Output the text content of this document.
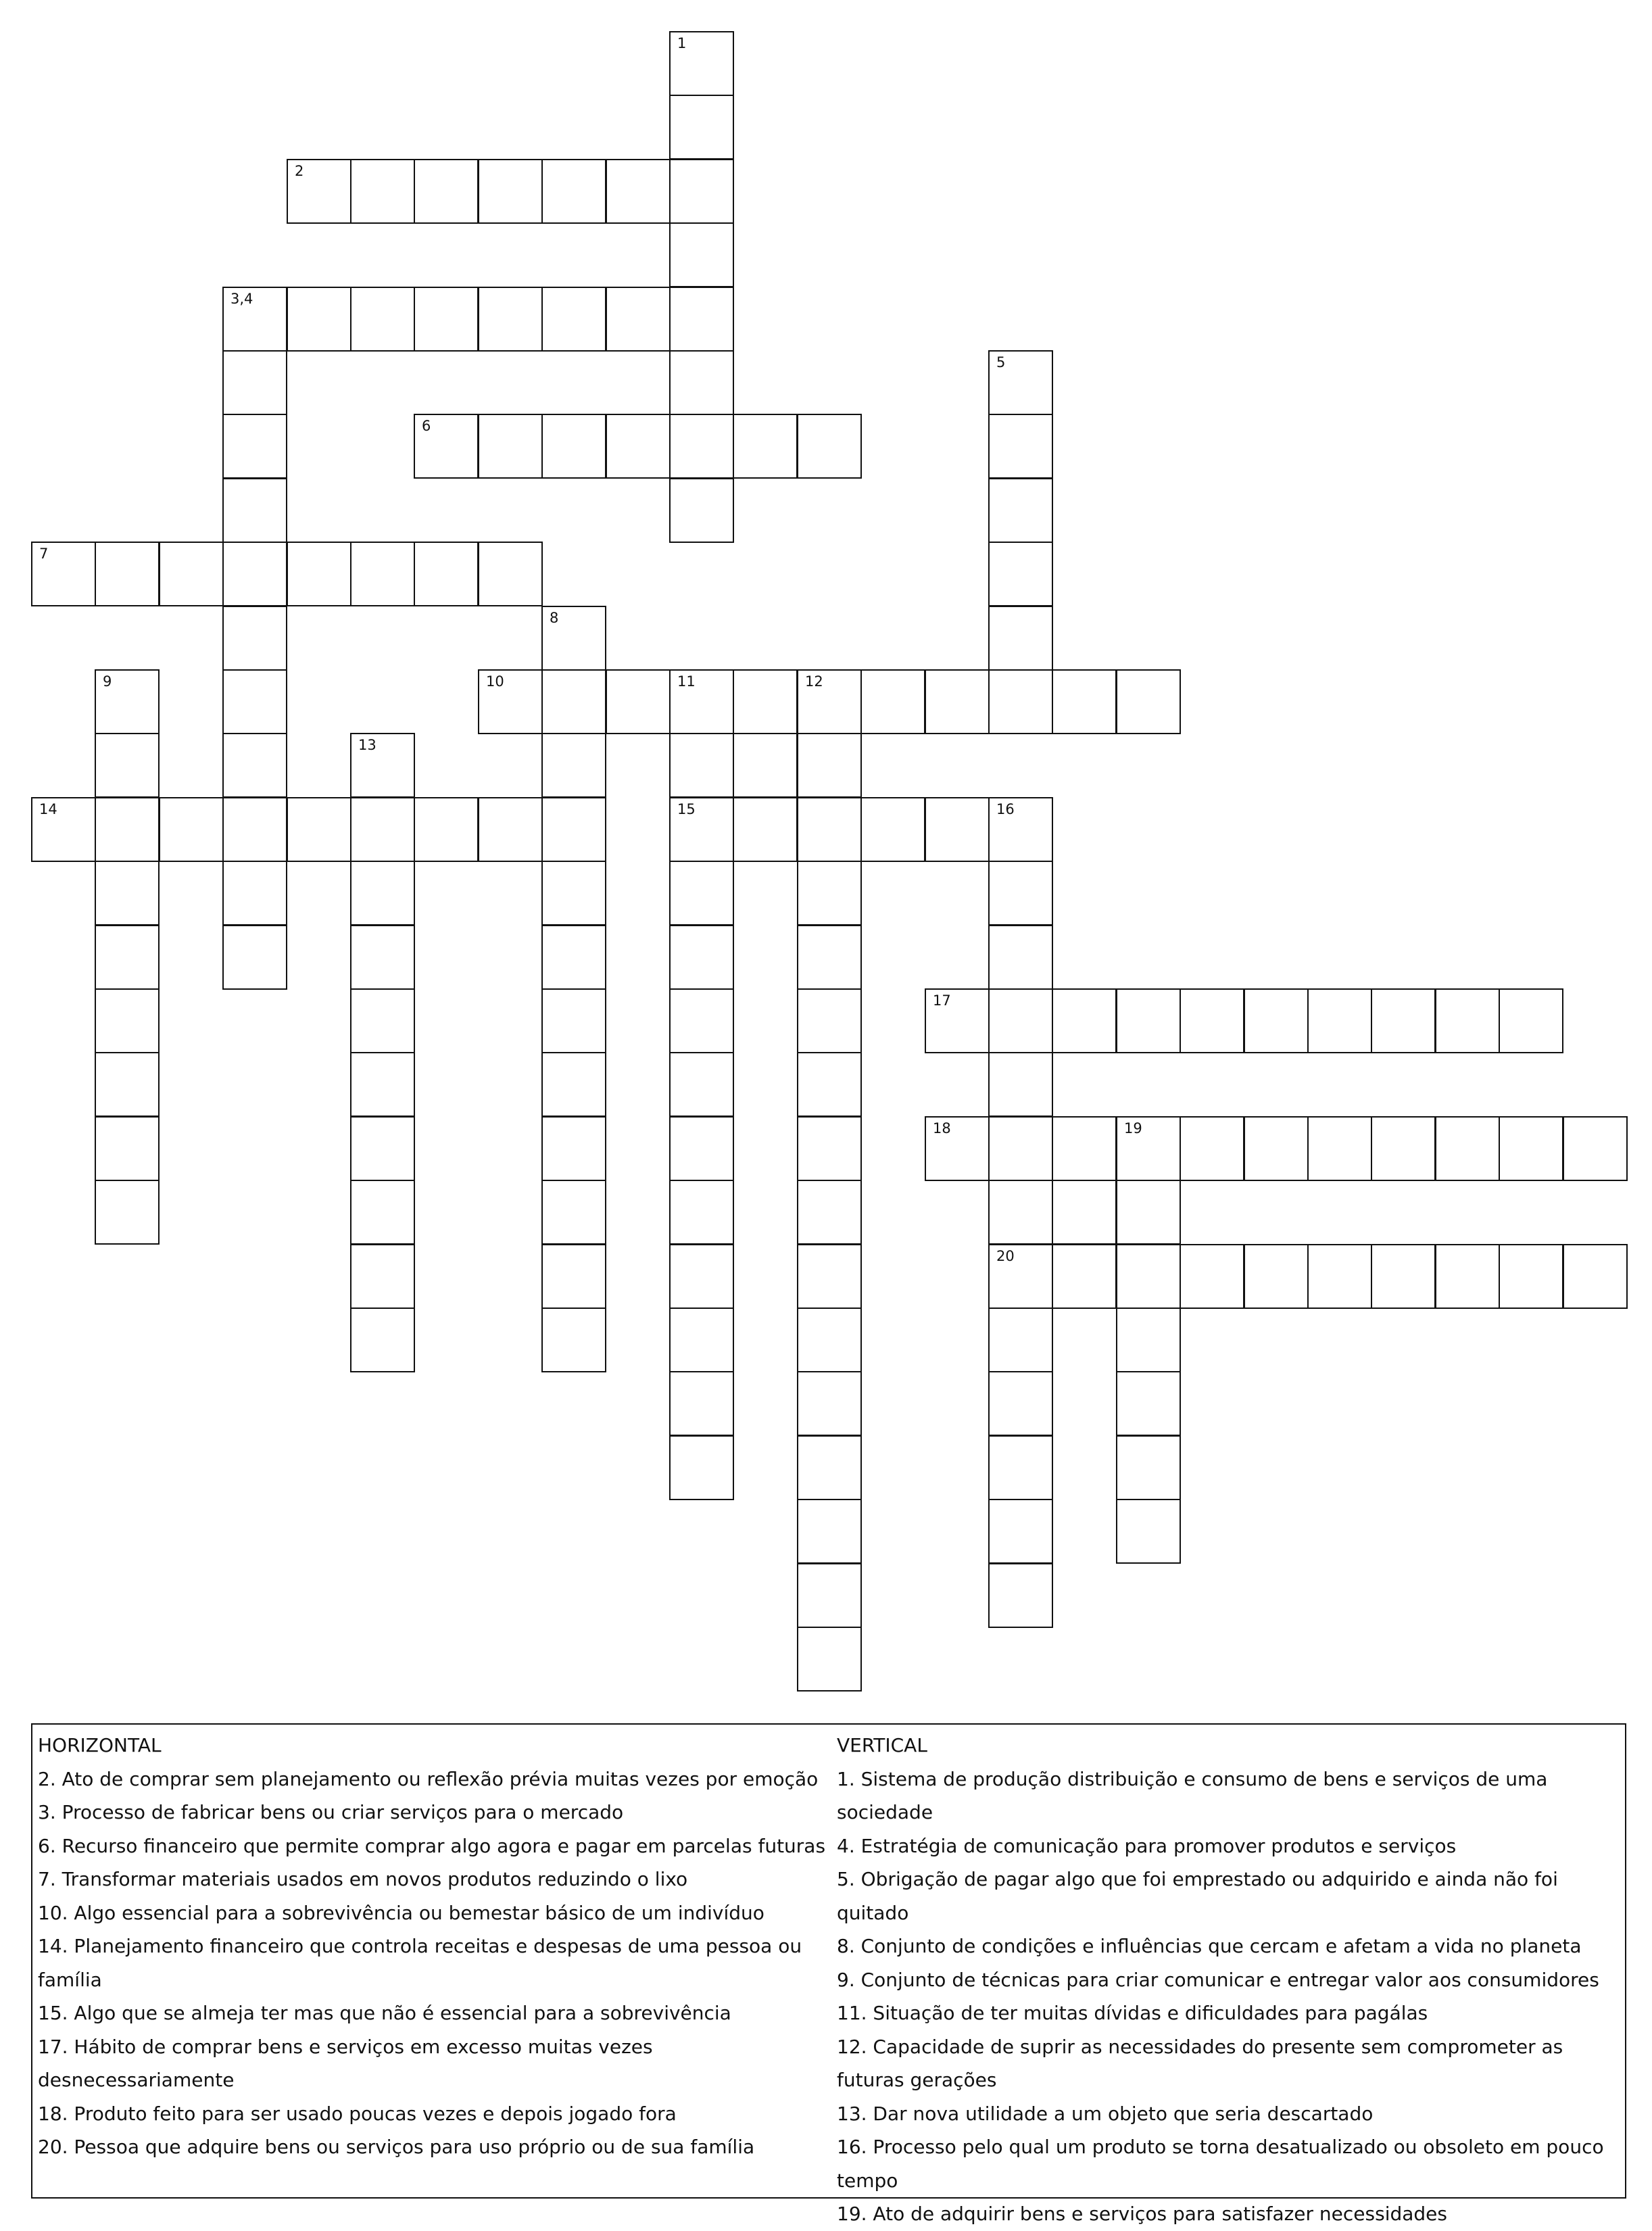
1
2
3,4
6
5
7
8
10	11	12
9
13
15
14	16
17
18	19
20

HORIZONTAL

2. Ato de comprar sem planejamento ou reflexão prévia muitas vezes por emoção

3. Processo de fabricar bens ou criar serviços para o mercado

6. Recurso financeiro que permite comprar algo agora e pagar em parcelas futuras

7. Transformar materiais usados em novos produtos reduzindo o lixo

10. Algo essencial para a sobrevivência ou bemestar básico de um indivíduo

14. Planejamento financeiro que controla receitas e despesas de uma pessoa ou família

15. Algo que se almeja ter mas que não é essencial para a sobrevivência

17. Hábito de comprar bens e serviços em excesso muitas vezes desnecessariamente

18. Produto feito para ser usado poucas vezes e depois jogado fora

20. Pessoa que adquire bens ou serviços para uso próprio ou de sua família

VERTICAL

1. Sistema de produção distribuição e consumo de bens e serviços de uma sociedade

4. Estratégia de comunicação para promover produtos e serviços

5. Obrigação de pagar algo que foi emprestado ou adquirido e ainda não foi quitado

8. Conjunto de condições e influências que cercam e afetam a vida no planeta

9. Conjunto de técnicas para criar comunicar e entregar valor aos consumidores

11. Situação de ter muitas dívidas e dificuldades para pagálas

12. Capacidade de suprir as necessidades do presente sem comprometer as futuras gerações

13. Dar nova utilidade a um objeto que seria descartado

16. Processo pelo qual um produto se torna desatualizado ou obsoleto em pouco tempo

19. Ato de adquirir bens e serviços para satisfazer necessidades
